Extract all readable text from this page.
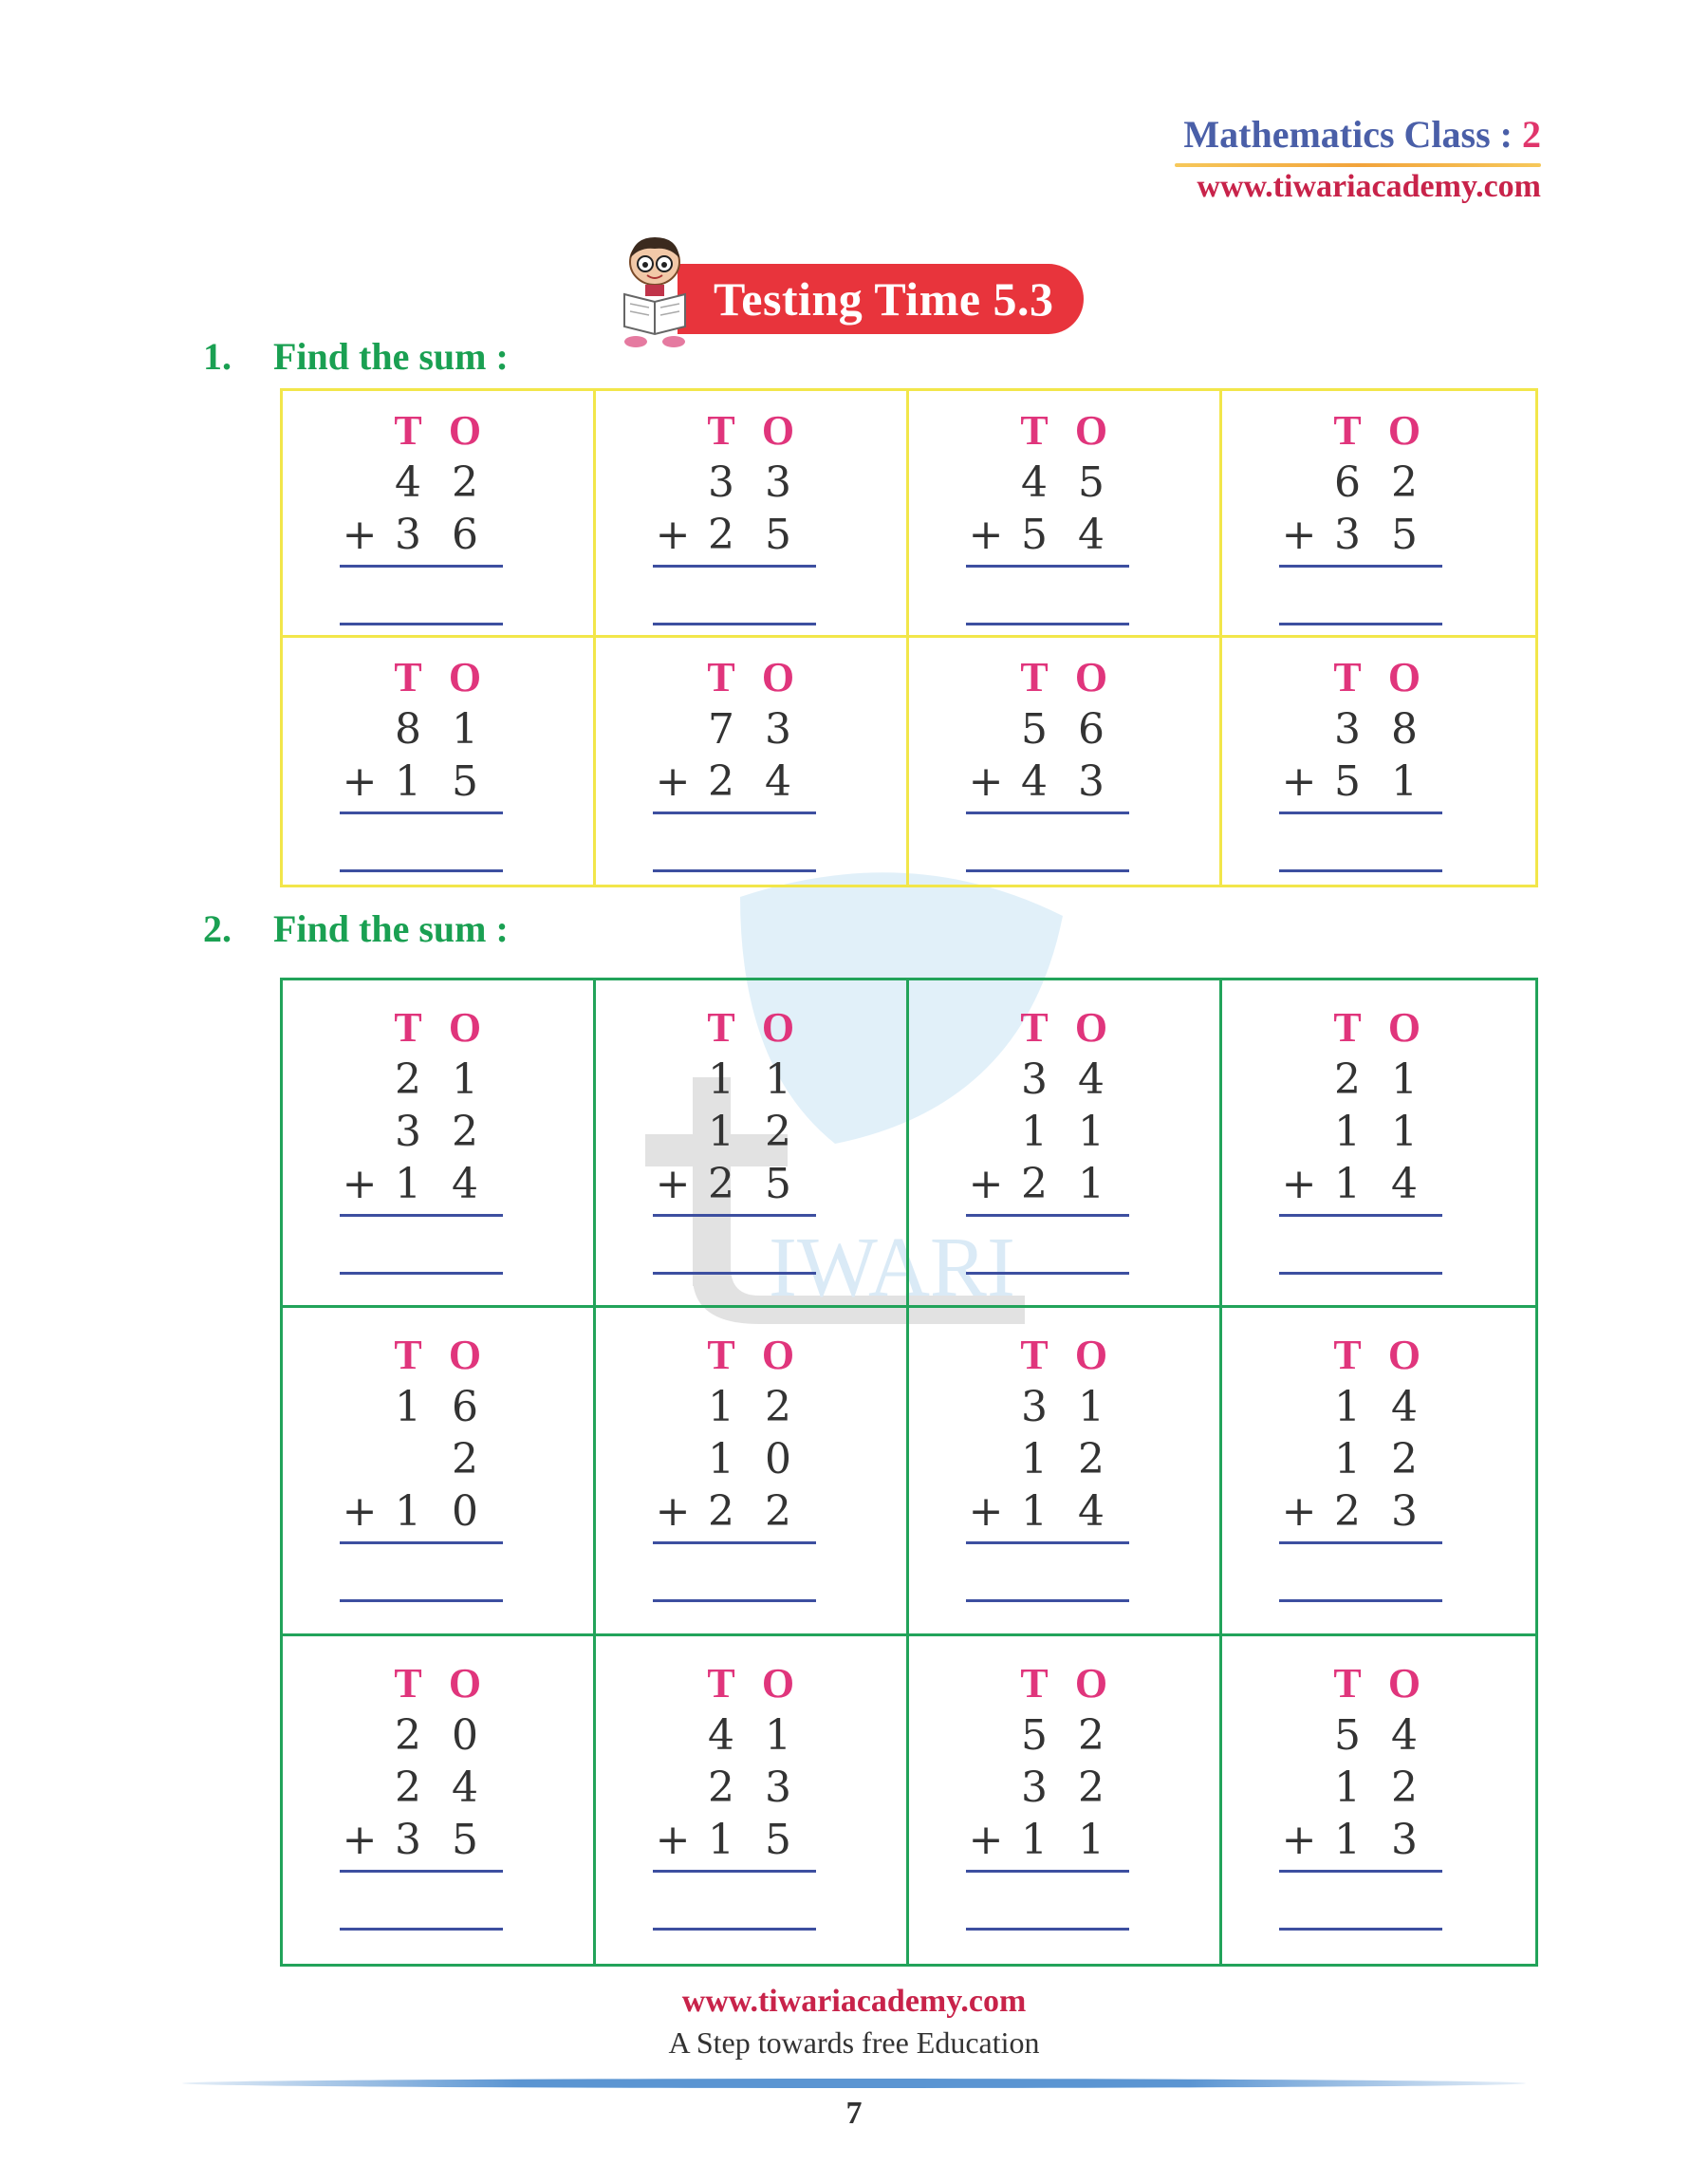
Mathematics Class : 2
www.tiwariacademy.com
Testing Time 5.3
IWARI
1. Find the sum :
T O
4 2
+ 3 6
T O
3 3
+ 2 5
T O
4 5
+ 5 4
T O
6 2
+ 3 5
T O
8 1
+ 1 5
T O
7 3
+ 2 4
T O
5 6
+ 4 3
T O
3 8
+ 5 1
2. Find the sum :
T O
2 1
3 2
+ 1 4
T O
1 1
1 2
+ 2 5
T O
3 4
1 1
+ 2 1
T O
2 1
1 1
+ 1 4
T O
1 6
2
+ 1 0
T O
1 2
1 0
+ 2 2
T O
3 1
1 2
+ 1 4
T O
1 4
1 2
+ 2 3
T O
2 0
2 4
+ 3 5
T O
4 1
2 3
+ 1 5
T O
5 2
3 2
+ 1 1
T O
5 4
1 2
+ 1 3
www.tiwariacademy.com
A Step towards free Education
7
